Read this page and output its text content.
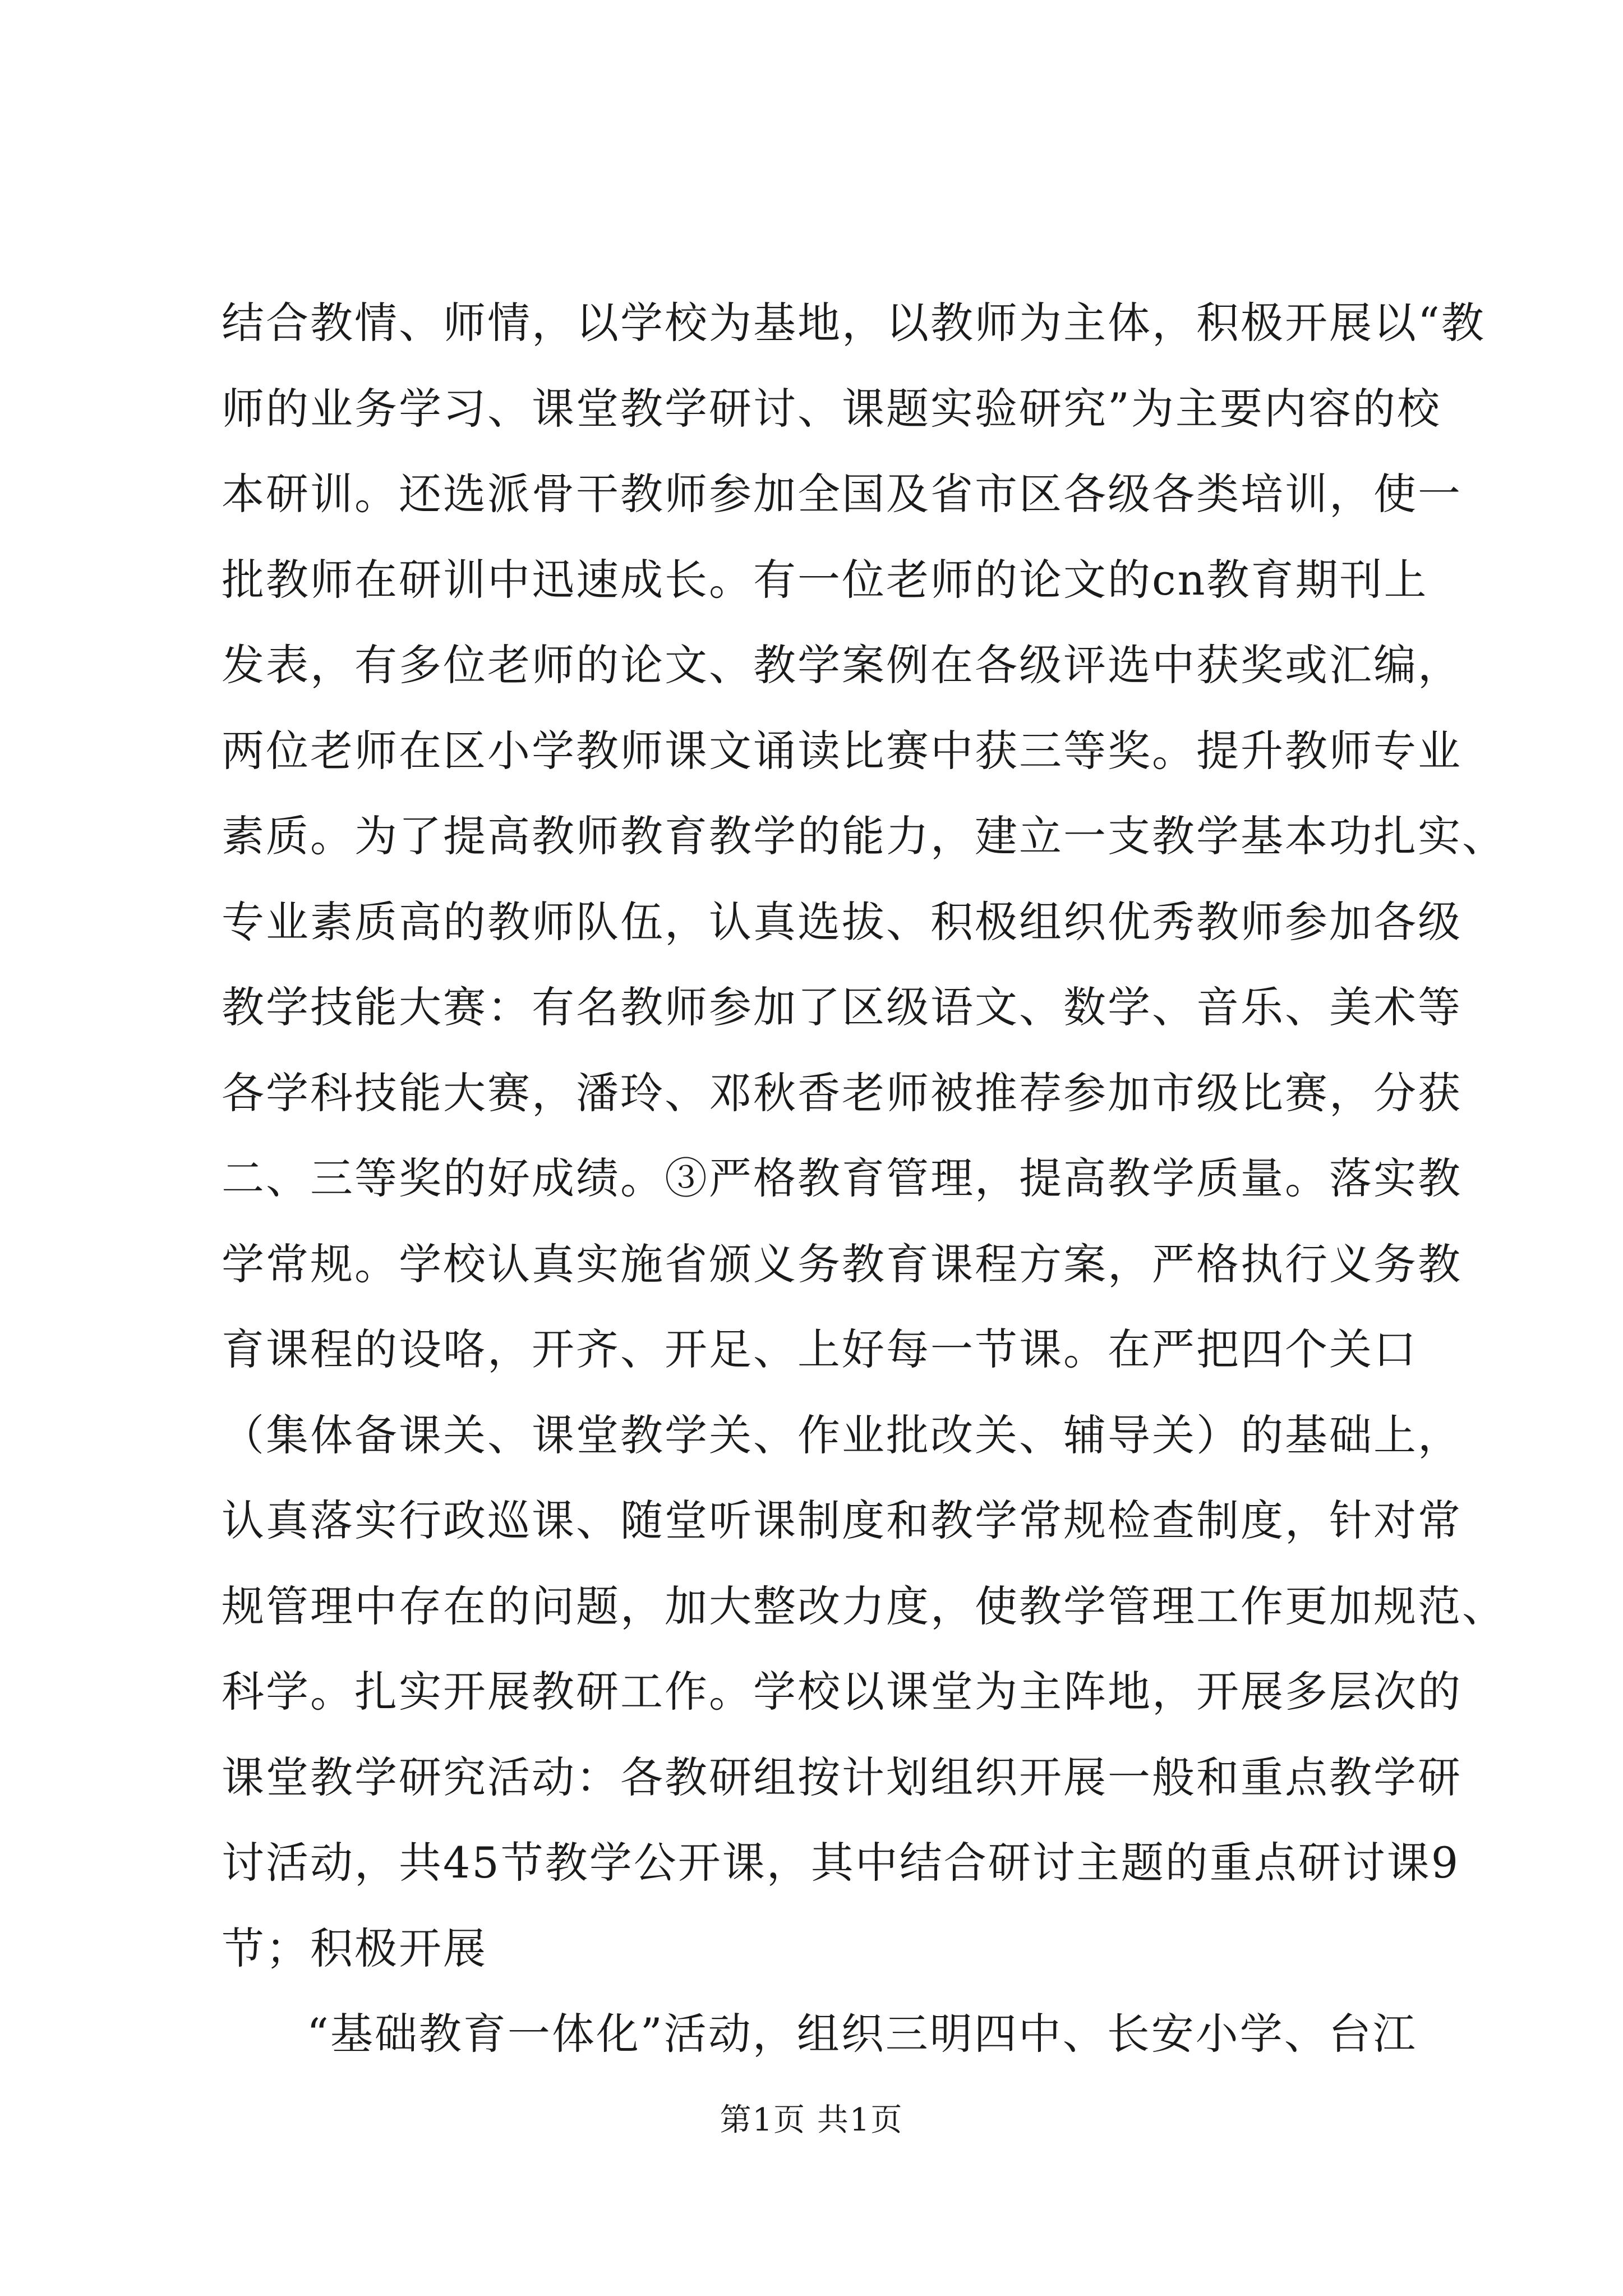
结合教情、师情，以学校为基地，以教师为主体，积极开展以“教
师的业务学习、课堂教学研讨、课题实验研究”为主要内容的校
本研训。还选派骨干教师参加全国及省市区各级各类培训，使一
批教师在研训中迅速成长。有一位老师的论文的cn教育期刊上
发表，有多位老师的论文、教学案例在各级评选中获奖或汇编，
两位老师在区小学教师课文诵读比赛中获三等奖。提升教师专业
素质。为了提高教师教育教学的能力，建立一支教学基本功扎实、
专业素质高的教师队伍，认真选拔、积极组织优秀教师参加各级
教学技能大赛：有名教师参加了区级语文、数学、音乐、美术等
各学科技能大赛，潘玲、邓秋香老师被推荐参加市级比赛，分获
二、三等奖的好成绩。③严格教育管理，提高教学质量。落实教
学常规。学校认真实施省颁义务教育课程方案，严格执行义务教
育课程的设咯，开齐、开足、上好每一节课。在严把四个关口
（集体备课关、课堂教学关、作业批改关、辅导关）的基础上，
认真落实行政巡课、随堂听课制度和教学常规检查制度，针对常
规管理中存在的问题，加大整改力度，使教学管理工作更加规范、
科学。扎实开展教研工作。学校以课堂为主阵地，开展多层次的
课堂教学研究活动：各教研组按计划组织开展一般和重点教学研
讨活动，共45节教学公开课，其中结合研讨主题的重点研讨课9
节；积极开展
“基础教育一体化”活动，组织三明四中、长安小学、台江
第1页 共1页
